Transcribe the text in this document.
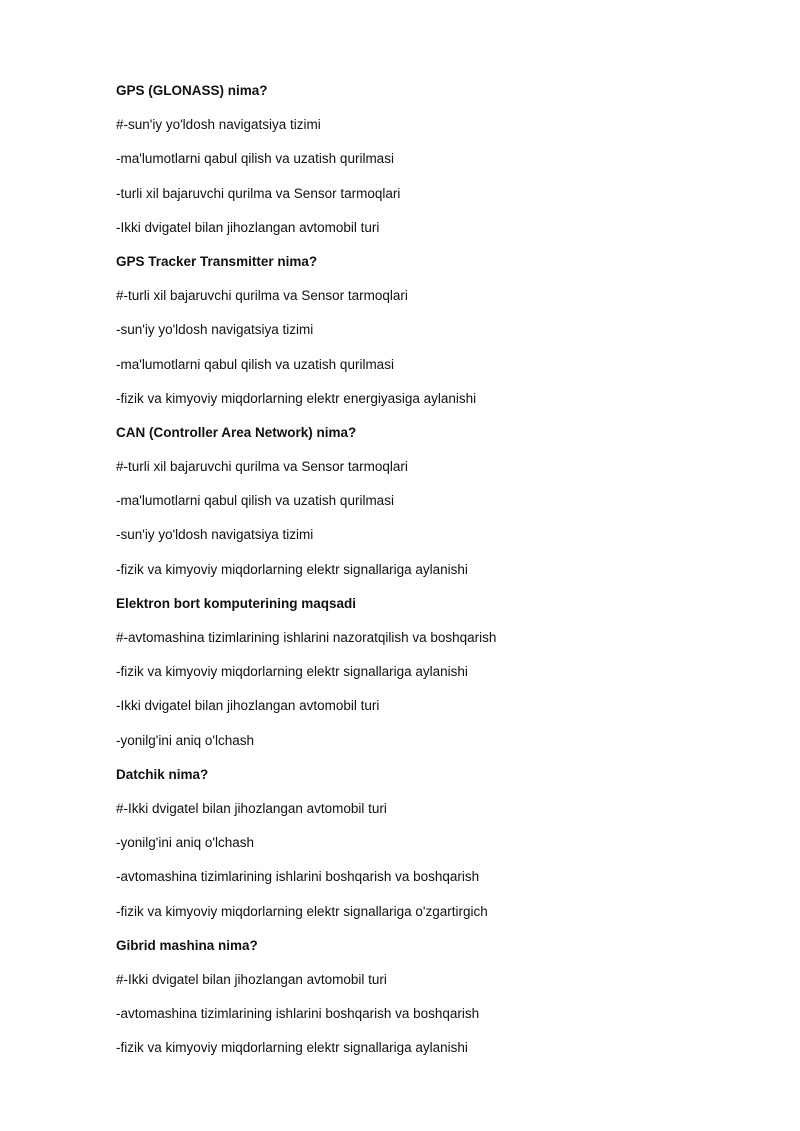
GPS (GLONASS) nima?

#-sun'iy yo'ldosh navigatsiya tizimi

-ma'lumotlarni qabul qilish va uzatish qurilmasi

-turli xil bajaruvchi qurilma va Sensor tarmoqlari

-Ikki dvigatel bilan jihozlangan avtomobil turi

GPS Tracker Transmitter nima?

#-turli xil bajaruvchi qurilma va Sensor tarmoqlari

-sun'iy yo'ldosh navigatsiya tizimi

-ma'lumotlarni qabul qilish va uzatish qurilmasi

-fizik va kimyoviy miqdorlarning elektr energiyasiga aylanishi

CAN (Controller Area Network) nima?

#-turli xil bajaruvchi qurilma va Sensor tarmoqlari

-ma'lumotlarni qabul qilish va uzatish qurilmasi

-sun'iy yo'ldosh navigatsiya tizimi

-fizik va kimyoviy miqdorlarning elektr signallariga aylanishi

Elektron bort komputerining maqsadi

#-avtomashina tizimlarining ishlarini nazoratqilish va boshqarish

-fizik va kimyoviy miqdorlarning elektr signallariga aylanishi

-Ikki dvigatel bilan jihozlangan avtomobil turi

-yonilg'ini aniq o'lchash

Datchik nima?

#-Ikki dvigatel bilan jihozlangan avtomobil turi

-yonilg'ini aniq o'lchash

-avtomashina tizimlarining ishlarini boshqarish va boshqarish

-fizik va kimyoviy miqdorlarning elektr signallariga o'zgartirgich

Gibrid mashina nima?

#-Ikki dvigatel bilan jihozlangan avtomobil turi

-avtomashina tizimlarining ishlarini boshqarish va boshqarish

-fizik va kimyoviy miqdorlarning elektr signallariga aylanishi
